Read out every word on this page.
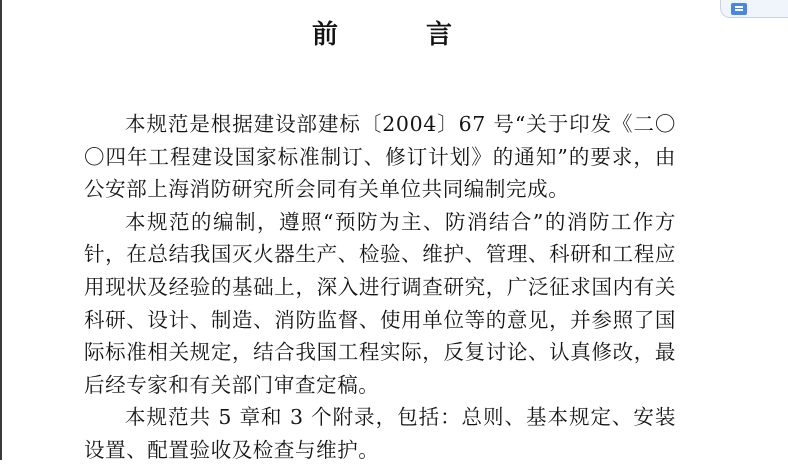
前	言

本规范是根据建设部建标〔2004〕67 号“关于印发《二〇〇四年工程建设国家标准制订、修订计划》的通知”的要求，由公安部上海消防研究所会同有关单位共同编制完成。

本规范的编制，遵照“预防为主、防消结合”的消防工作方针，在总结我国灭火器生产、检验、维护、管理、科研和工程应用现状及经验的基础上，深入进行调查研究，广泛征求国内有关科研、设计、制造、消防监督、使用单位等的意见，并参照了国际标准相关规定，结合我国工程实际，反复讨论、认真修改，最后经专家和有关部门审查定稿。

本规范共 5 章和 3 个附录，包括：总则、基本规定、安装设置、配置验收及检查与维护。
